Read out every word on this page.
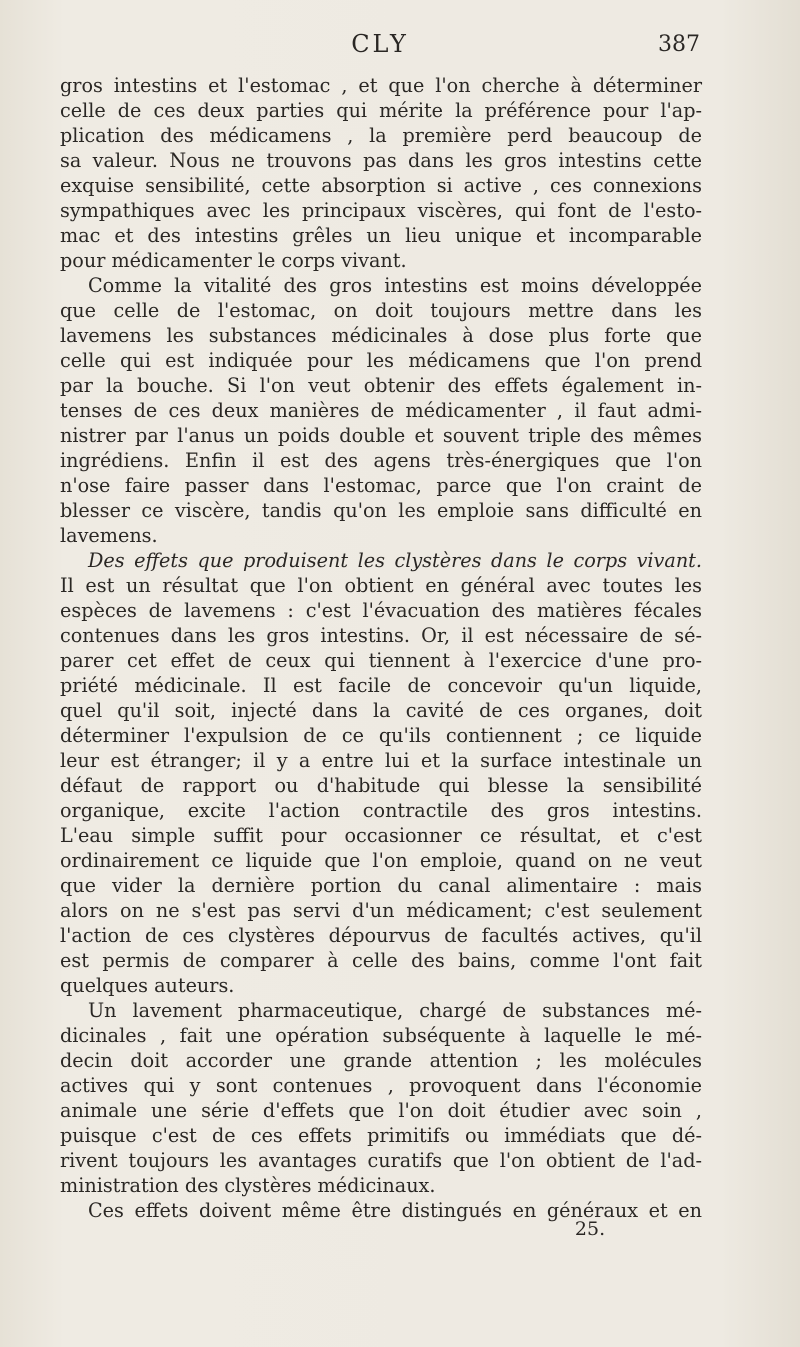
CLY	387
gros intestins et l'estomac , et que l'on cherche à déterminer
celle de ces deux parties qui mérite la préférence pour l'ap-
plication des médicamens , la première perd beaucoup de
sa valeur. Nous ne trouvons pas dans les gros intestins cette
exquise sensibilité, cette absorption si active , ces connexions
sympathiques avec les principaux viscères, qui font de l'esto-
mac et des intestins grêles un lieu unique et incomparable
pour médicamenter le corps vivant.
Comme la vitalité des gros intestins est moins développée
que celle de l'estomac, on doit toujours mettre dans les
lavemens les substances médicinales à dose plus forte que
celle qui est indiquée pour les médicamens que l'on prend
par la bouche. Si l'on veut obtenir des effets également in-
tenses de ces deux manières de médicamenter , il faut admi-
nistrer par l'anus un poids double et souvent triple des mêmes
ingrédiens. Enfin il est des agens très-énergiques que l'on
n'ose faire passer dans l'estomac, parce que l'on craint de
blesser ce viscère, tandis qu'on les emploie sans difficulté en
lavemens.
Des effets que produisent les clystères dans le corps vivant.
Il est un résultat que l'on obtient en général avec toutes les
espèces de lavemens : c'est l'évacuation des matières fécales
contenues dans les gros intestins. Or, il est nécessaire de sé-
parer cet effet de ceux qui tiennent à l'exercice d'une pro-
priété médicinale. Il est facile de concevoir qu'un liquide,
quel qu'il soit, injecté dans la cavité de ces organes, doit
déterminer l'expulsion de ce qu'ils contiennent ; ce liquide
leur est étranger; il y a entre lui et la surface intestinale un
défaut de rapport ou d'habitude qui blesse la sensibilité
organique, excite l'action contractile des gros intestins.
L'eau simple suffit pour occasionner ce résultat, et c'est
ordinairement ce liquide que l'on emploie, quand on ne veut
que vider la dernière portion du canal alimentaire : mais
alors on ne s'est pas servi d'un médicament; c'est seulement
l'action de ces clystères dépourvus de facultés actives, qu'il
est permis de comparer à celle des bains, comme l'ont fait
quelques auteurs.
Un lavement pharmaceutique, chargé de substances mé-
dicinales , fait une opération subséquente à laquelle le mé-
decin doit accorder une grande attention ; les molécules
actives qui y sont contenues , provoquent dans l'économie
animale une série d'effets que l'on doit étudier avec soin ,
puisque c'est de ces effets primitifs ou immédiats que dé-
rivent toujours les avantages curatifs que l'on obtient de l'ad-
ministration des clystères médicinaux.
Ces effets doivent même être distingués en généraux et en
25.
